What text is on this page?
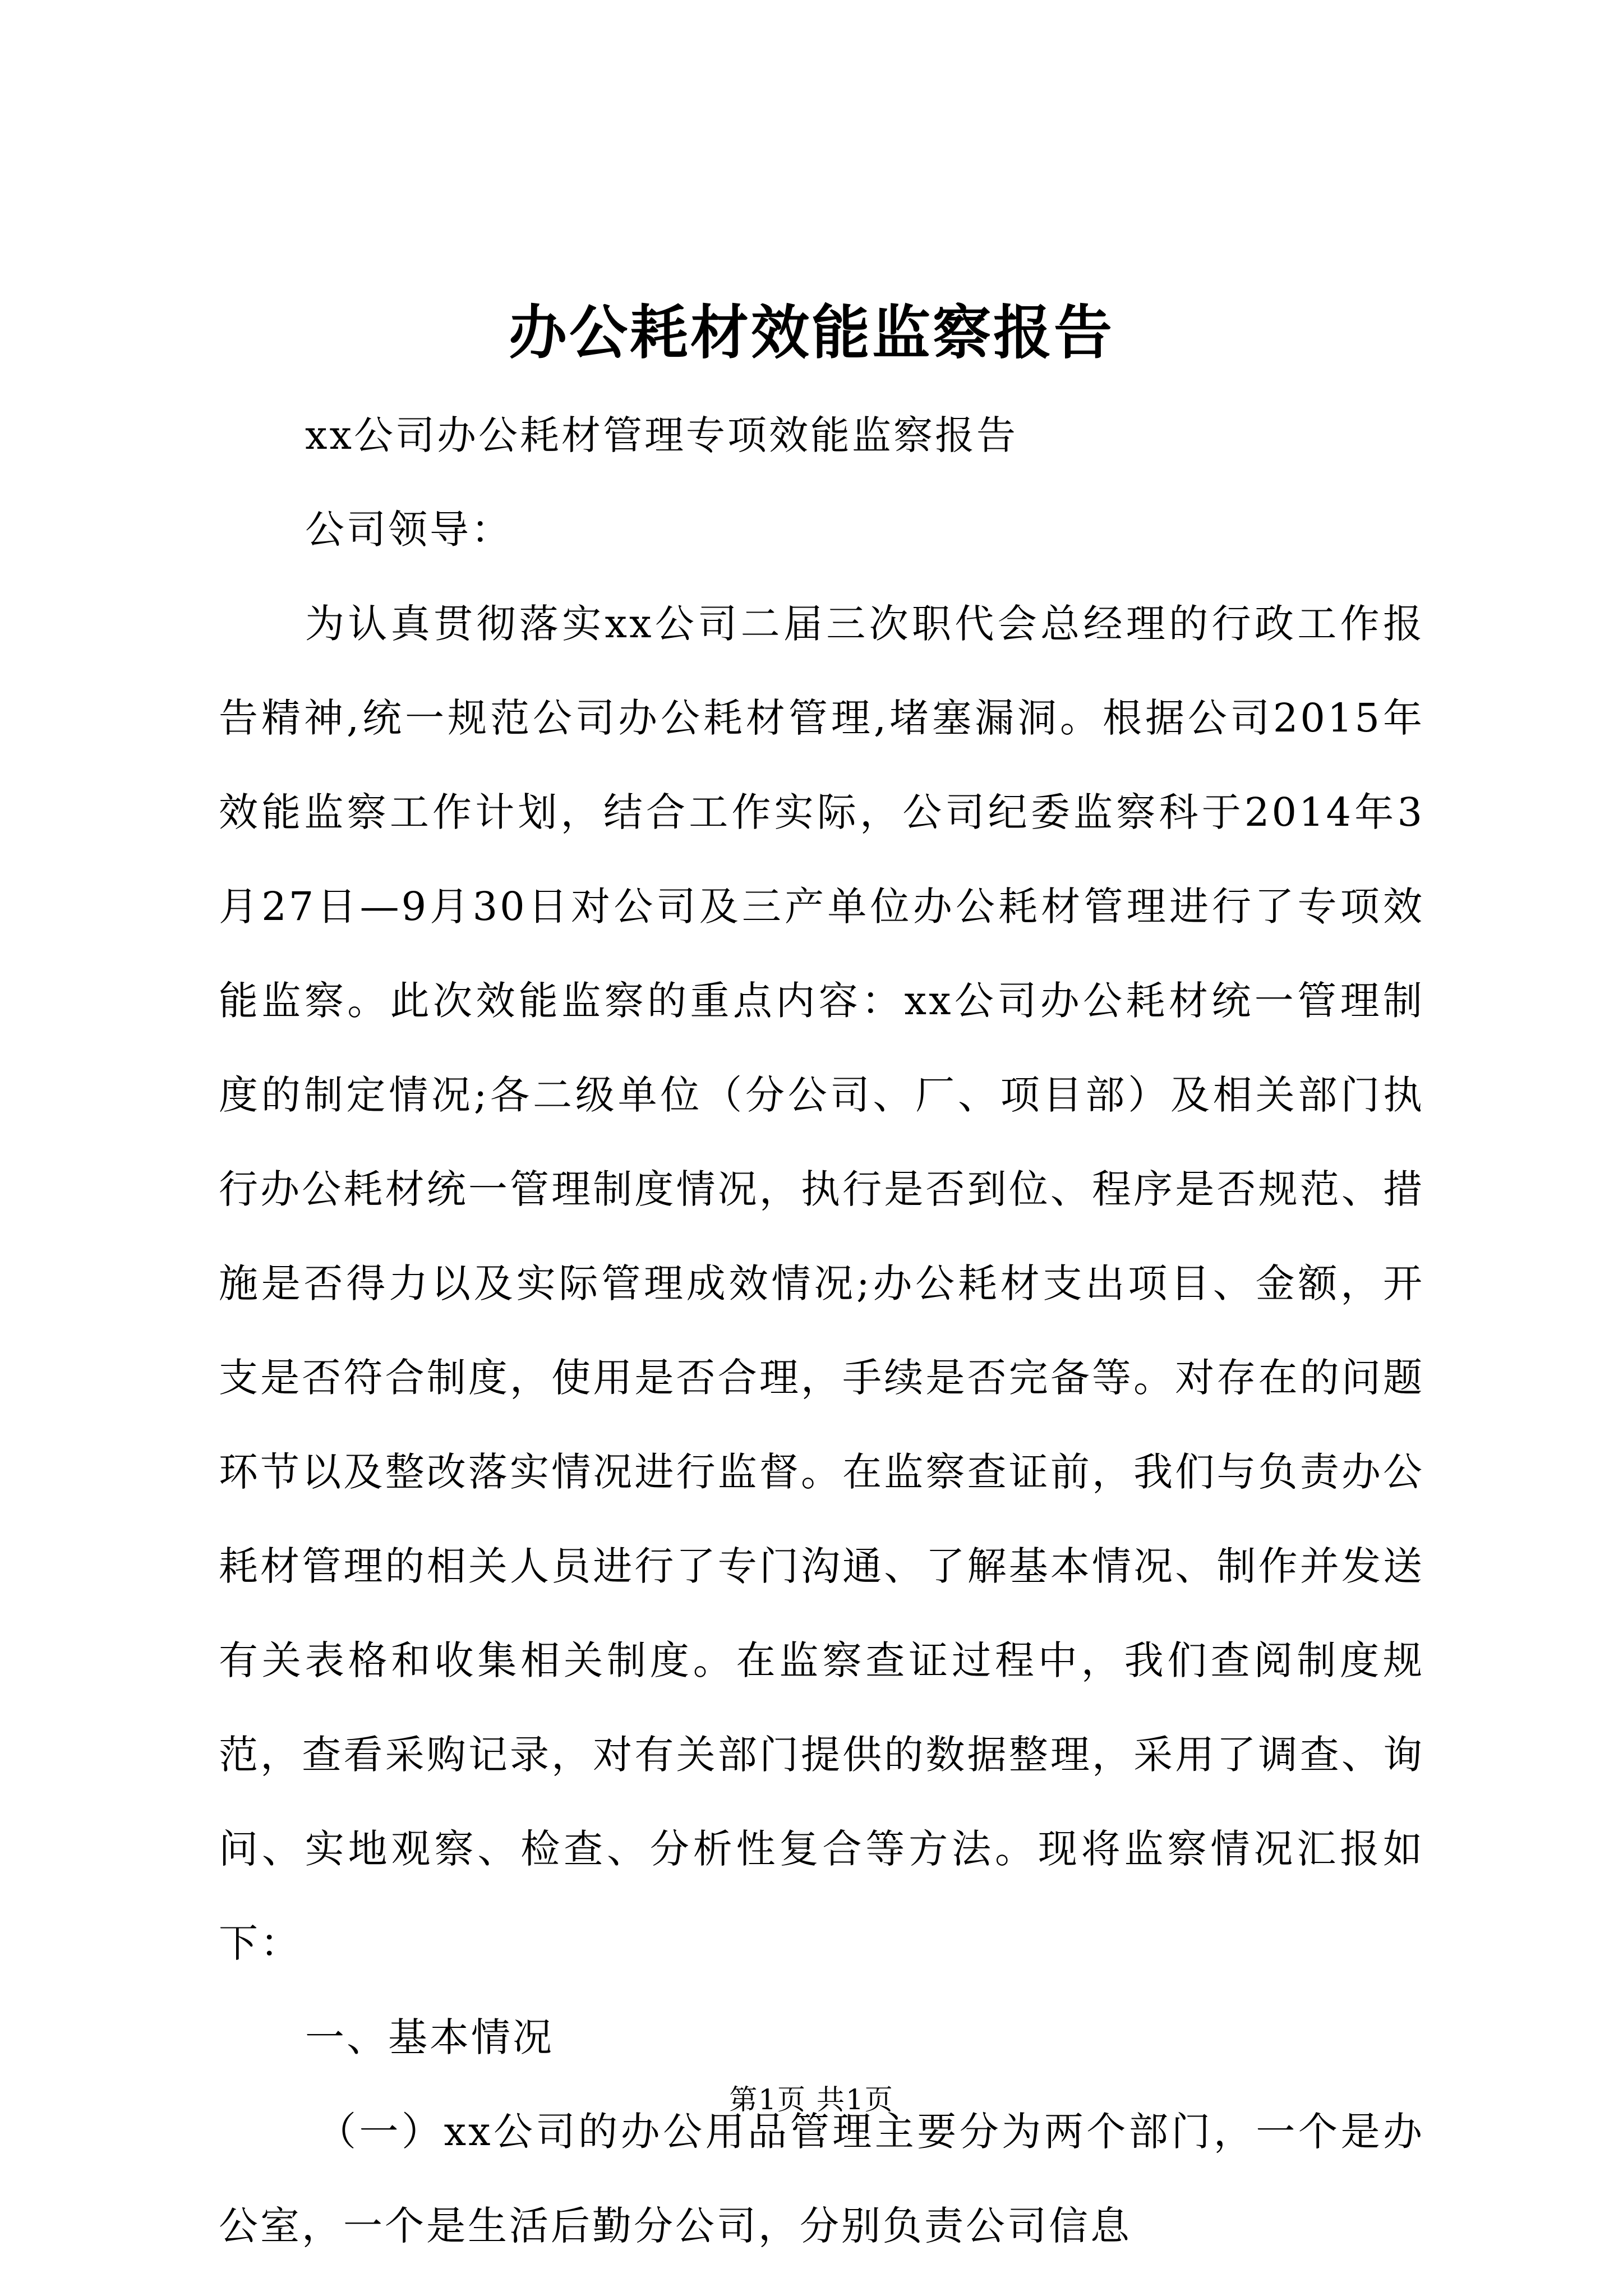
办公耗材效能监察报告

xx公司办公耗材管理专项效能监察报告

公司领导：

为认真贯彻落实xx公司二届三次职代会总经理的行政工作报告精神,统一规范公司办公耗材管理,堵塞漏洞。根据公司2015年效能监察工作计划，结合工作实际，公司纪委监察科于2014年3月27日—9月30日对公司及三产单位办公耗材管理进行了专项效能监察。此次效能监察的重点内容：xx公司办公耗材统一管理制度的制定情况;各二级单位（分公司、厂、项目部）及相关部门执行办公耗材统一管理制度情况，执行是否到位、程序是否规范、措施是否得力以及实际管理成效情况;办公耗材支出项目、金额，开支是否符合制度，使用是否合理，手续是否完备等。对存在的问题环节以及整改落实情况进行监督。在监察查证前，我们与负责办公耗材管理的相关人员进行了专门沟通、了解基本情况、制作并发送有关表格和收集相关制度。在监察查证过程中，我们查阅制度规范，查看采购记录，对有关部门提供的数据整理，采用了调查、询问、实地观察、检查、分析性复合等方法。现将监察情况汇报如下：

一、基本情况

（一）xx公司的办公用品管理主要分为两个部门，一个是办公室，一个是生活后勤分公司，分别负责公司信息

第1页 共1页
